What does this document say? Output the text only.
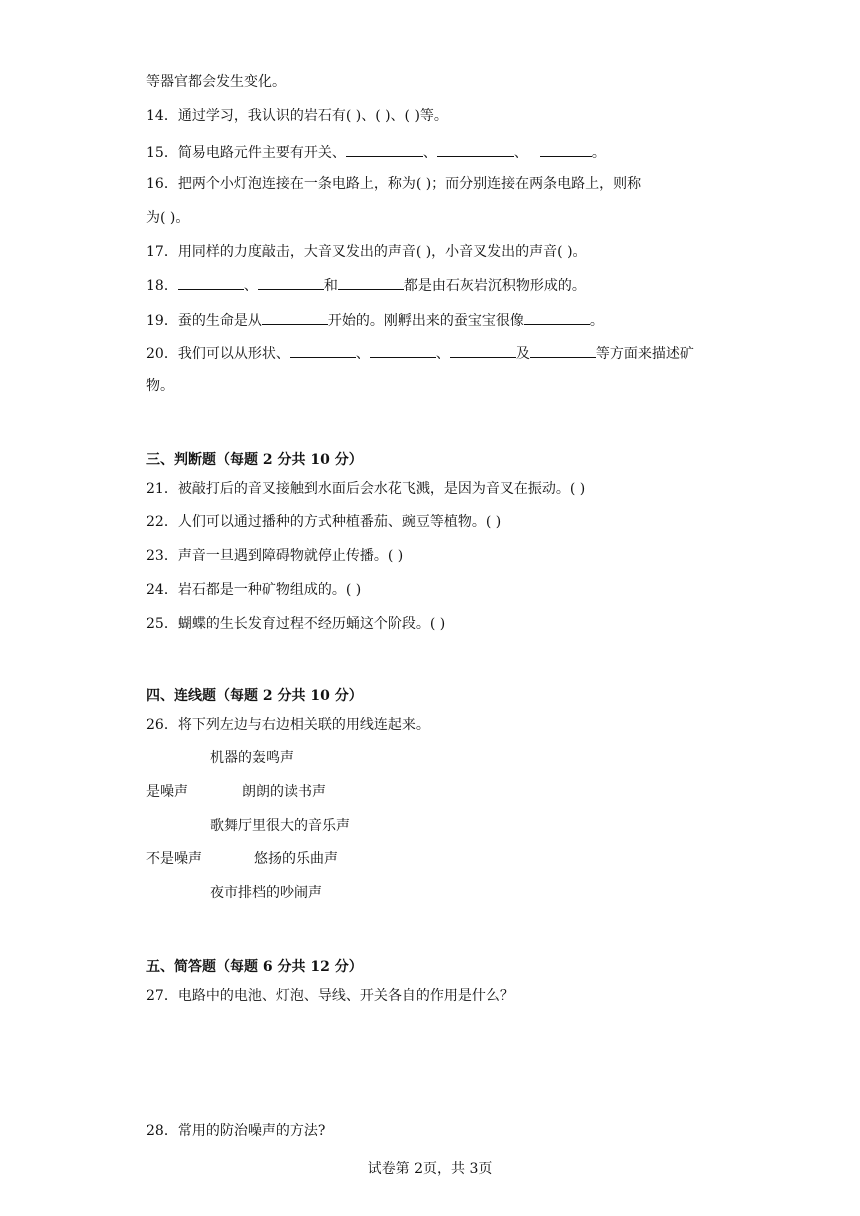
等器官都会发生变化。
14．通过学习，我认识的岩石有( )、( )、( )等。
15．简易电路元件主要有开关、	、	、	。
16．把两个小灯泡连接在一条电路上，称为( )；而分别连接在两条电路上，则称
为( )。
17．用同样的力度敲击，大音叉发出的声音( )，小音叉发出的声音( )。
18．	、	和	都是由石灰岩沉积物形成的。
19．蚕的生命是从	开始的。刚孵出来的蚕宝宝很像	。
20．我们可以从形状、	、	、	及	等方面来描述矿
物。
三、判断题（每题 2 分共 10 分）
21．被敲打后的音叉接触到水面后会水花飞溅，是因为音叉在振动。( )
22．人们可以通过播种的方式种植番茄、豌豆等植物。( )
23．声音一旦遇到障碍物就停止传播。( )
24．岩石都是一种矿物组成的。( )
25．蝴蝶的生长发育过程不经历蛹这个阶段。( )
四、连线题（每题 2 分共 10 分）
26．将下列左边与右边相关联的用线连起来。
机器的轰鸣声
是噪声	朗朗的读书声
歌舞厅里很大的音乐声
不是噪声	悠扬的乐曲声
夜市排档的吵闹声
五、简答题（每题 6 分共 12 分）
27．电路中的电池、灯泡、导线、开关各自的作用是什么？
28．常用的防治噪声的方法?
试卷第 2页，共 3页
